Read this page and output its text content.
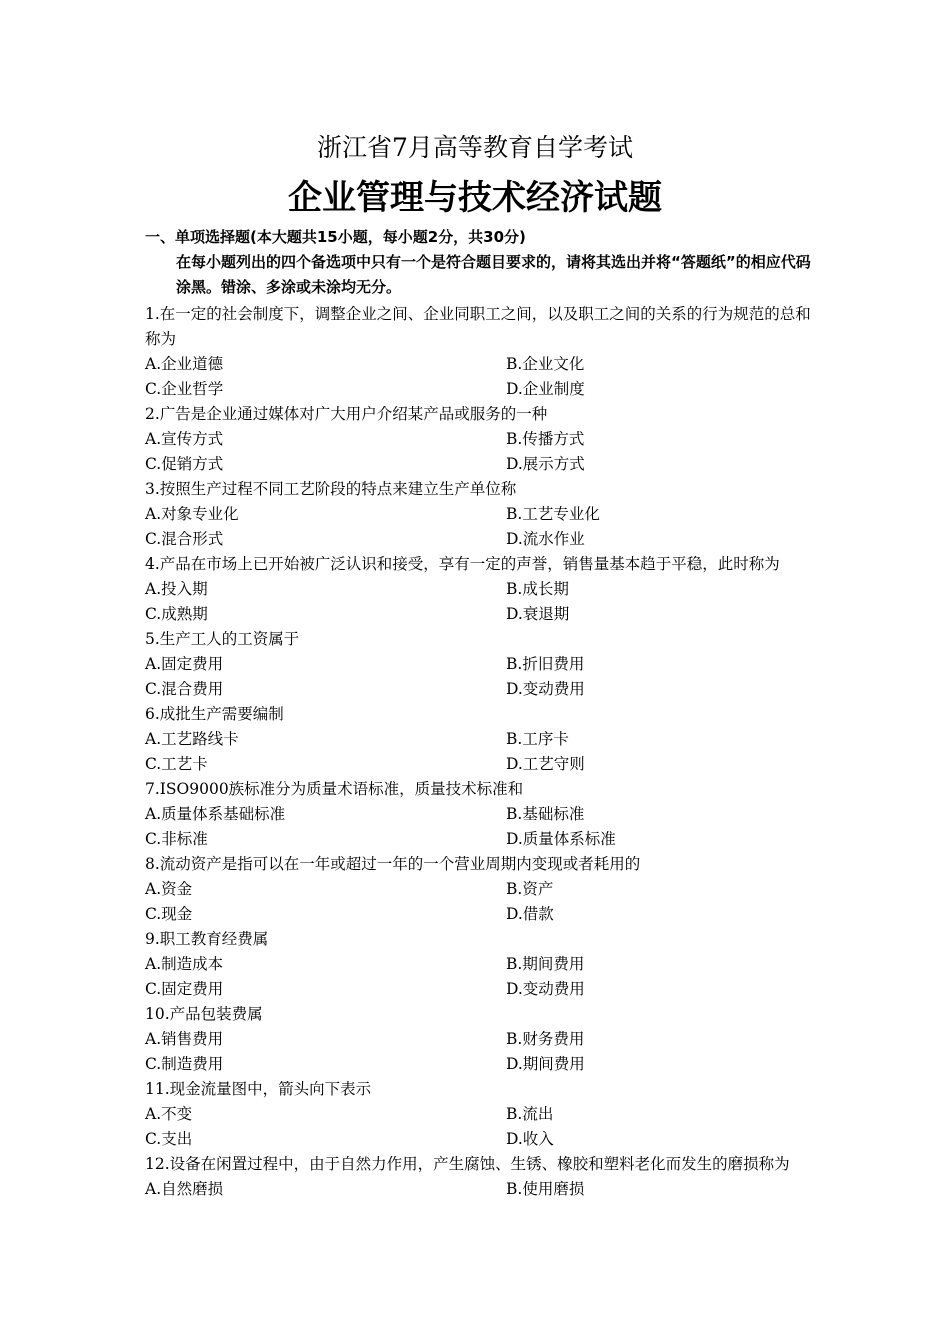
浙江省7月高等教育自学考试
企业管理与技术经济试题
一、单项选择题(本大题共15小题，每小题2分，共30分)
在每小题列出的四个备选项中只有一个是符合题目要求的，请将其选出并将“答题纸”的相应代码涂黑。错涂、多涂或未涂均无分。
1.在一定的社会制度下，调整企业之间、企业同职工之间，以及职工之间的关系的行为规范的总和称为
A.企业道德	B.企业文化
C.企业哲学	D.企业制度
2.广告是企业通过媒体对广大用户介绍某产品或服务的一种
A.宣传方式	B.传播方式
C.促销方式	D.展示方式
3.按照生产过程不同工艺阶段的特点来建立生产单位称
A.对象专业化	B.工艺专业化
C.混合形式	D.流水作业
4.产品在市场上已开始被广泛认识和接受，享有一定的声誉，销售量基本趋于平稳，此时称为
A.投入期	B.成长期
C.成熟期	D.衰退期
5.生产工人的工资属于
A.固定费用	B.折旧费用
C.混合费用	D.变动费用
6.成批生产需要编制
A.工艺路线卡	B.工序卡
C.工艺卡	D.工艺守则
7.ISO9000族标准分为质量术语标准，质量技术标准和
A.质量体系基础标准	B.基础标准
C.非标准	D.质量体系标准
8.流动资产是指可以在一年或超过一年的一个营业周期内变现或者耗用的
A.资金	B.资产
C.现金	D.借款
9.职工教育经费属
A.制造成本	B.期间费用
C.固定费用	D.变动费用
10.产品包装费属
A.销售费用	B.财务费用
C.制造费用	D.期间费用
11.现金流量图中，箭头向下表示
A.不变	B.流出
C.支出	D.收入
12.设备在闲置过程中，由于自然力作用，产生腐蚀、生锈、橡胶和塑料老化而发生的磨损称为
A.自然磨损	B.使用磨损
